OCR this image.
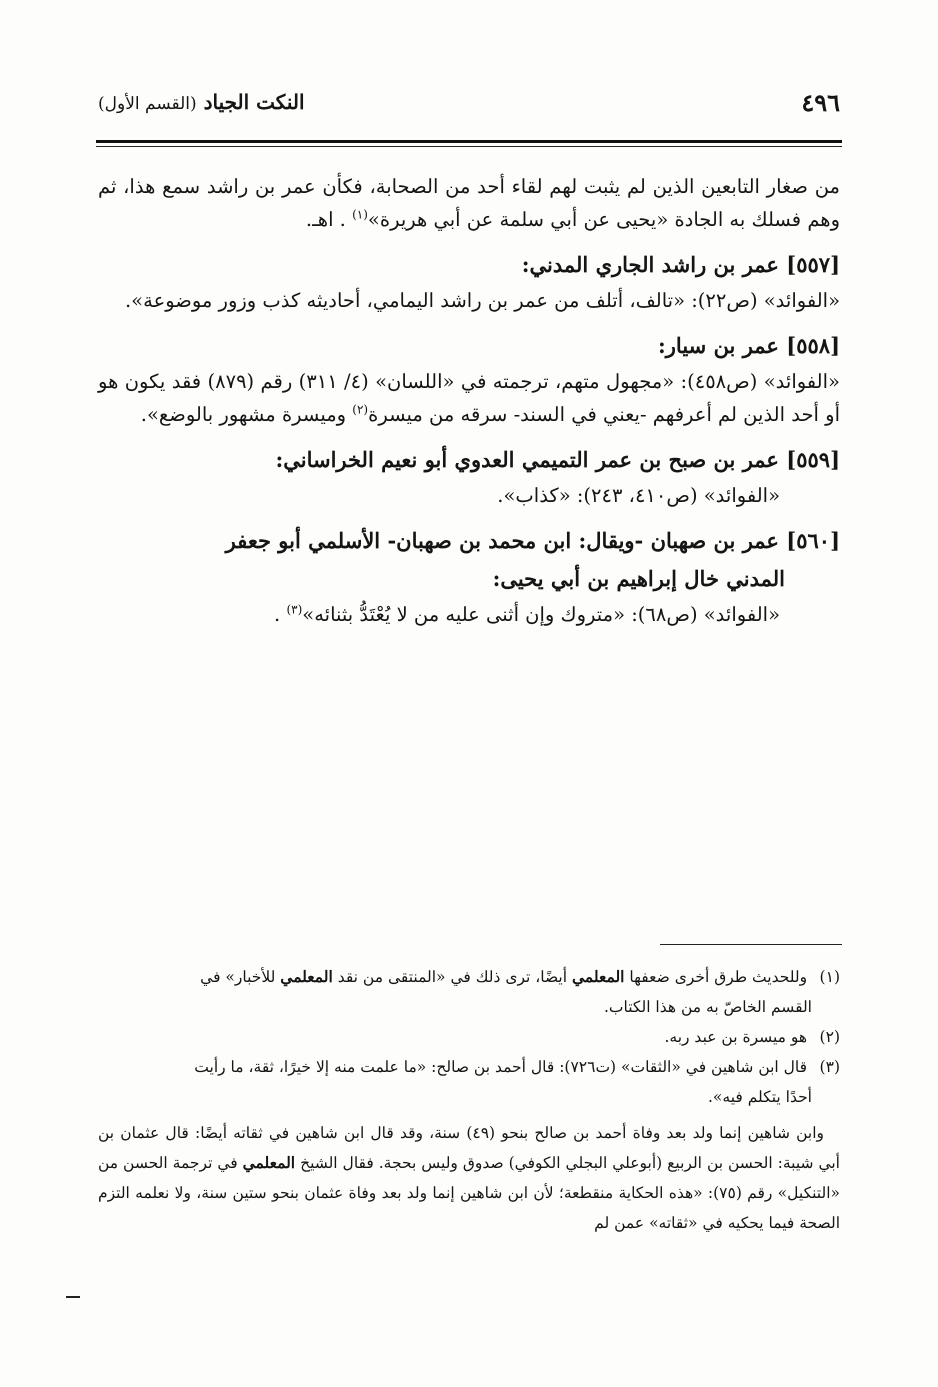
٤٩٦
النكت الجياد (القسم الأول)

من صغار التابعين الذين لم يثبت لهم لقاء أحد من الصحابة، فكأن عمر بن راشد سمع هذا، ثم وهم فسلك به الجادة «يحيى عن أبي سلمة عن أبي هريرة»$^{(١)}$ . اهـ.

[٥٥٧] عمر بن راشد الجاري المدني:

«الفوائد» (ص٢٢): «تالف، أتلف من عمر بن راشد اليمامي، أحاديثه كذب وزور موضوعة».

[٥٥٨] عمر بن سيار:

«الفوائد» (ص٤٥٨): «مجهول متهم، ترجمته في «اللسان» (٤/ ٣١١) رقم (٨٧٩) فقد يكون هو أو أحد الذين لم أعرفهم -يعني في السند- سرقه من ميسرة$^{(٢)}$ وميسرة مشهور بالوضع».

[٥٥٩] عمر بن صبح بن عمر التميمي العدوي أبو نعيم الخراساني:

«الفوائد» (ص٤١٠، ٢٤٣): «كذاب».

[٥٦٠] عمر بن صهبان -ويقال: ابن محمد بن صهبان- الأسلمي أبو جعفر

المدني خال إبراهيم بن أبي يحيى:

«الفوائد» (ص٦٨): «متروك وإن أثنى عليه من لا يُعْتَدُّ بثنائه»$^{(٣)}$ .

(١) وللحديث طرق أخرى ضعفها المعلمي أيضًا، ترى ذلك في «المنتقى من نقد المعلمي للأخبار» في

القسم الخاصّ به من هذا الكتاب.

(٢) هو ميسرة بن عبد ربه.

(٣) قال ابن شاهين في «الثقات» (ت٧٢٦): قال أحمد بن صالح: «ما علمت منه إلا خيرًا، ثقة، ما رأيت

أحدًا يتكلم فيه».

وابن شاهين إنما ولد بعد وفاة أحمد بن صالح بنحو (٤٩) سنة، وقد قال ابن شاهين في ثقاته أيضًا: قال عثمان بن أبي شيبة: الحسن بن الربيع (أبوعلي البجلي الكوفي) صدوق وليس بحجة. فقال الشيخ المعلمي في ترجمة الحسن من «التنكيل» رقم (٧٥): «هذه الحكاية منقطعة؛ لأن ابن شاهين إنما ولد بعد وفاة عثمان بنحو ستين سنة، ولا نعلمه التزم الصحة فيما يحكيه في «ثقاته» عمن لم
